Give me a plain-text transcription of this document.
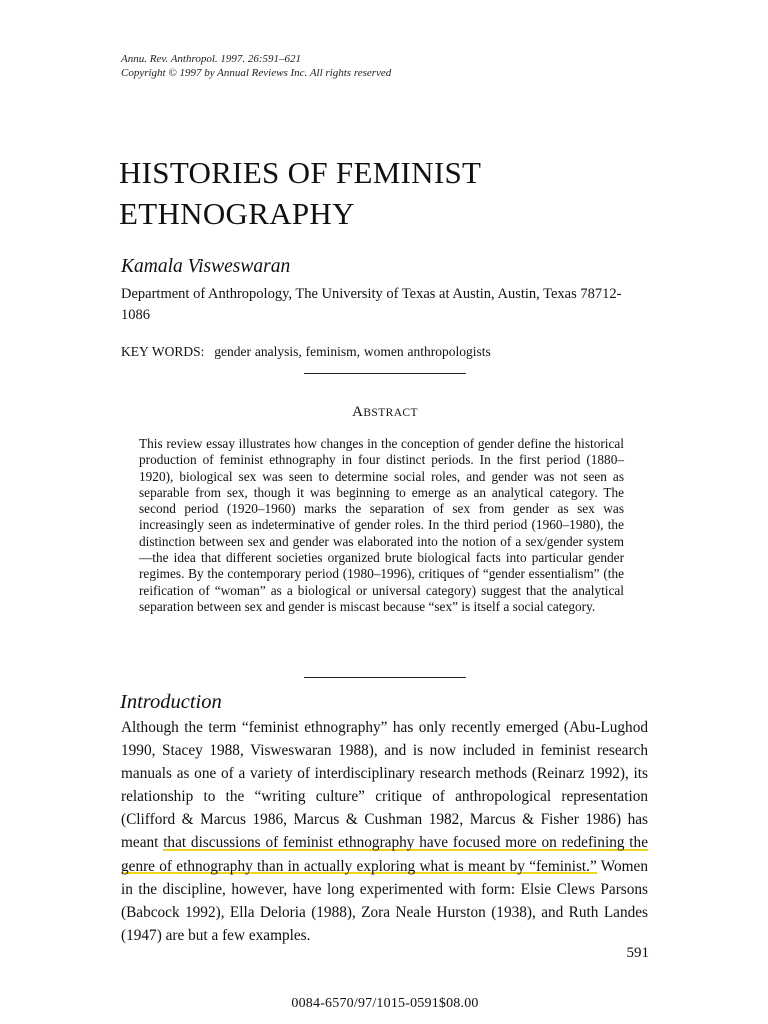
Annu. Rev. Anthropol. 1997. 26:591–621
Copyright © 1997 by Annual Reviews Inc. All rights reserved
HISTORIES OF FEMINIST
ETHNOGRAPHY
Kamala Visweswaran
Department of Anthropology, The University of Texas at Austin, Austin, Texas 78712-1086
KEY WORDS: gender analysis, feminism, women anthropologists
ABSTRACT
This review essay illustrates how changes in the conception of gender define the historical production of feminist ethnography in four distinct periods. In the first period (1880–1920), biological sex was seen to determine social roles, and gender was not seen as separable from sex, though it was beginning to emerge as an analytical category. The second period (1920–1960) marks the separation of sex from gender as sex was increasingly seen as indeterminative of gender roles. In the third period (1960–1980), the distinction between sex and gender was elaborated into the notion of a sex/gender system—the idea that different societies organized brute biological facts into particular gender regimes. By the contemporary period (1980–1996), critiques of “gender essentialism” (the reification of “woman” as a biological or universal category) suggest that the analytical separation between sex and gender is miscast because “sex” is itself a social category.
Introduction
Although the term “feminist ethnography” has only recently emerged (Abu-Lughod 1990, Stacey 1988, Visweswaran 1988), and is now included in feminist research manuals as one of a variety of interdisciplinary research methods (Reinarz 1992), its relationship to the “writing culture” critique of anthropological representation (Clifford & Marcus 1986, Marcus & Cushman 1982, Marcus & Fisher 1986) has meant that discussions of feminist ethnography have focused more on redefining the genre of ethnography than in actually exploring what is meant by “feminist.” Women in the discipline, however, have long experimented with form: Elsie Clews Parsons (Babcock 1992), Ella Deloria (1988), Zora Neale Hurston (1938), and Ruth Landes (1947) are but a few examples.
591
0084-6570/97/1015-0591$08.00
